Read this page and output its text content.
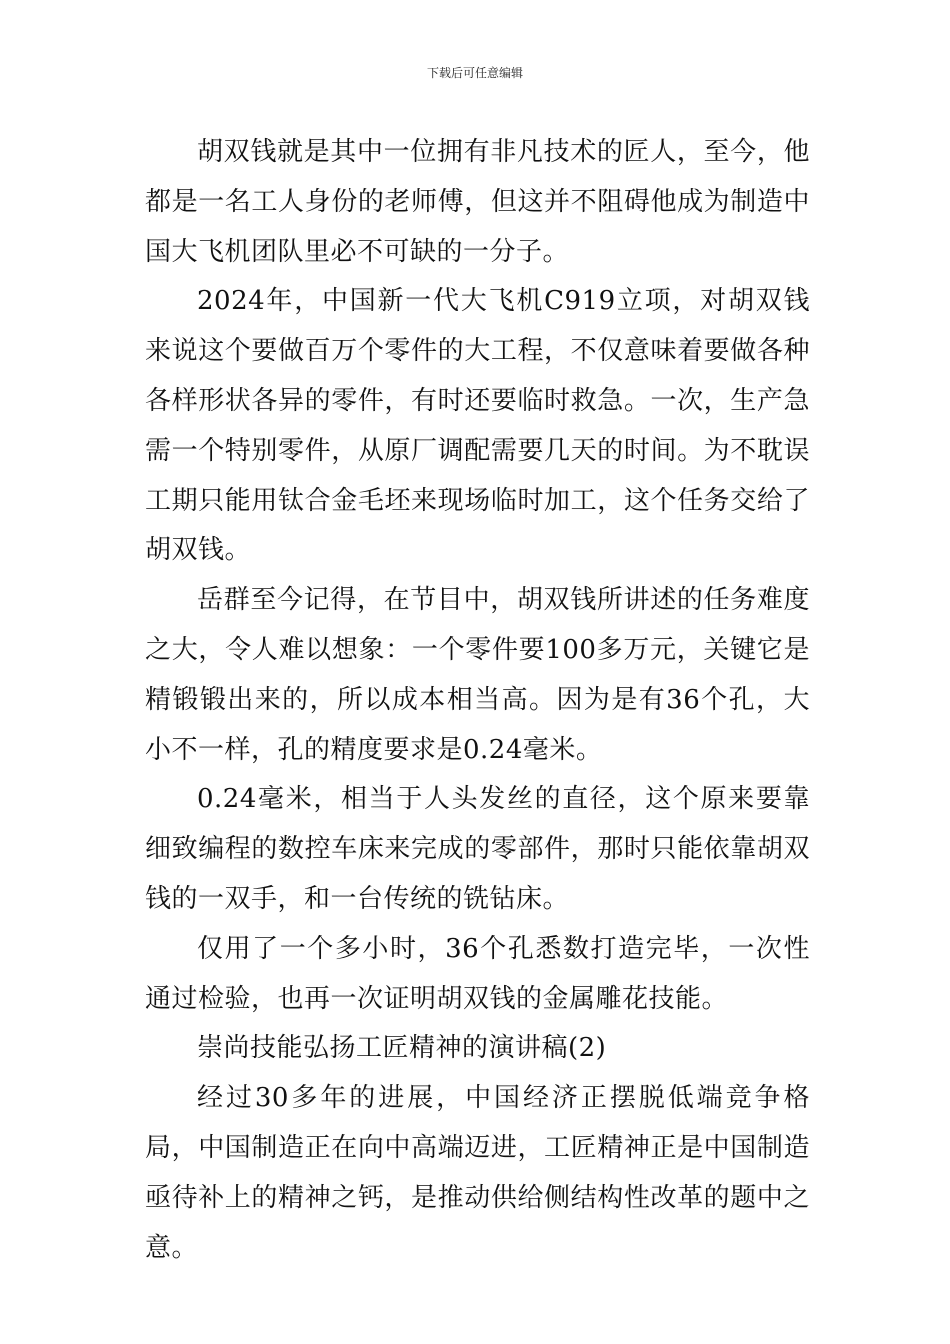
下载后可任意编辑

胡双钱就是其中一位拥有非凡技术的匠人，至今，他都是一名工人身份的老师傅，但这并不阻碍他成为制造中国大飞机团队里必不可缺的一分子。

2024年，中国新一代大飞机C919立项，对胡双钱来说这个要做百万个零件的大工程，不仅意味着要做各种各样形状各异的零件，有时还要临时救急。一次，生产急需一个特别零件，从原厂调配需要几天的时间。为不耽误工期只能用钛合金毛坯来现场临时加工，这个任务交给了胡双钱。

岳群至今记得，在节目中，胡双钱所讲述的任务难度之大，令人难以想象：一个零件要100多万元，关键它是精锻锻出来的，所以成本相当高。因为是有36个孔，大小不一样，孔的精度要求是0.24毫米。

0.24毫米，相当于人头发丝的直径，这个原来要靠细致编程的数控车床来完成的零部件，那时只能依靠胡双钱的一双手，和一台传统的铣钻床。

仅用了一个多小时，36个孔悉数打造完毕，一次性通过检验，也再一次证明胡双钱的金属雕花技能。

崇尚技能弘扬工匠精神的演讲稿(2)

经过30多年的进展，中国经济正摆脱低端竞争格局，中国制造正在向中高端迈进，工匠精神正是中国制造亟待补上的精神之钙，是推动供给侧结构性改革的题中之意。
